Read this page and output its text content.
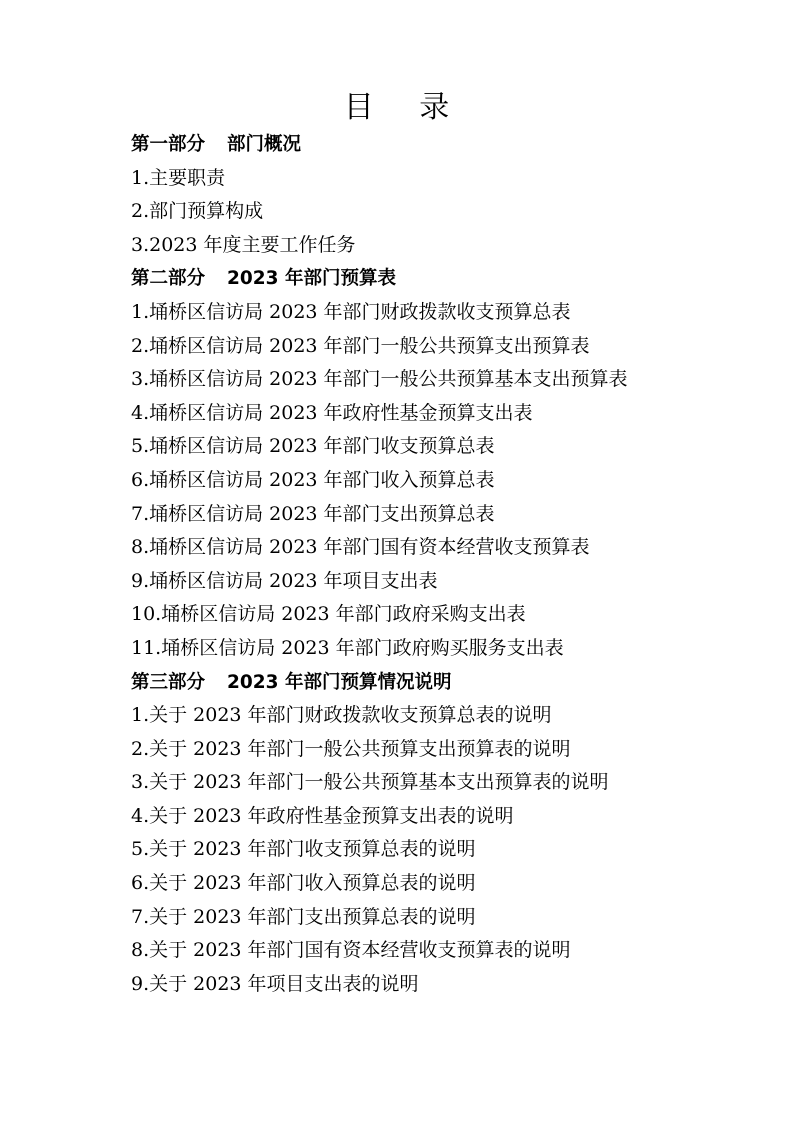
目 录
第一部分 部门概况
1.主要职责
2.部门预算构成
3.2023 年度主要工作任务
第二部分 2023 年部门预算表
1.埇桥区信访局 2023 年部门财政拨款收支预算总表
2.埇桥区信访局 2023 年部门一般公共预算支出预算表
3.埇桥区信访局 2023 年部门一般公共预算基本支出预算表
4.埇桥区信访局 2023 年政府性基金预算支出表
5.埇桥区信访局 2023 年部门收支预算总表
6.埇桥区信访局 2023 年部门收入预算总表
7.埇桥区信访局 2023 年部门支出预算总表
8.埇桥区信访局 2023 年部门国有资本经营收支预算表
9.埇桥区信访局 2023 年项目支出表
10.埇桥区信访局 2023 年部门政府采购支出表
11.埇桥区信访局 2023 年部门政府购买服务支出表
第三部分 2023 年部门预算情况说明
1.关于 2023 年部门财政拨款收支预算总表的说明
2.关于 2023 年部门一般公共预算支出预算表的说明
3.关于 2023 年部门一般公共预算基本支出预算表的说明
4.关于 2023 年政府性基金预算支出表的说明
5.关于 2023 年部门收支预算总表的说明
6.关于 2023 年部门收入预算总表的说明
7.关于 2023 年部门支出预算总表的说明
8.关于 2023 年部门国有资本经营收支预算表的说明
9.关于 2023 年项目支出表的说明
